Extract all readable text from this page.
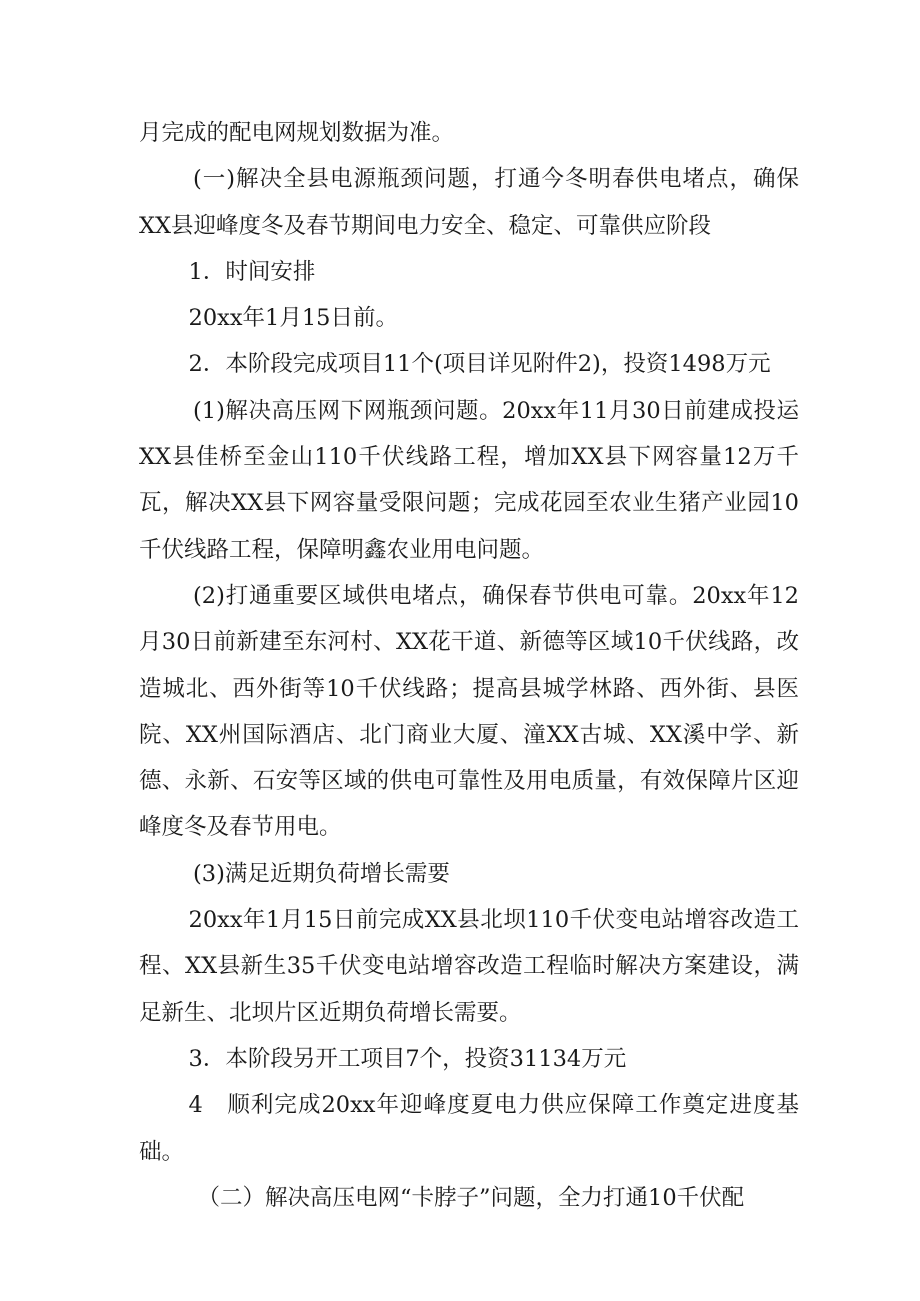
月完成的配电网规划数据为准。

(一)解决全县电源瓶颈问题，打通今冬明春供电堵点，确保XX县迎峰度冬及春节期间电力安全、稳定、可靠供应阶段

1．时间安排

20xx年1月15日前。

2．本阶段完成项目11个(项目详见附件2)，投资1498万元

(1)解决高压网下网瓶颈问题。20xx年11月30日前建成投运XX县佳桥至金山110千伏线路工程，增加XX县下网容量12万千瓦，解决XX县下网容量受限问题；完成花园至农业生猪产业园10千伏线路工程，保障明鑫农业用电问题。

(2)打通重要区域供电堵点，确保春节供电可靠。20xx年12月30日前新建至东河村、XX花干道、新德等区域10千伏线路，改造城北、西外街等10千伏线路；提高县城学林路、西外街、县医院、XX州国际酒店、北门商业大厦、潼XX古城、XX溪中学、新德、永新、石安等区域的供电可靠性及用电质量，有效保障片区迎峰度冬及春节用电。

(3)满足近期负荷增长需要

20xx年1月15日前完成XX县北坝110千伏变电站增容改造工程、XX县新生35千伏变电站增容改造工程临时解决方案建设，满足新生、北坝片区近期负荷增长需要。

3．本阶段另开工项目7个，投资31134万元

4　顺利完成20xx年迎峰度夏电力供应保障工作奠定进度基础。

（二）解决高压电网“卡脖子”问题，全力打通10千伏配
